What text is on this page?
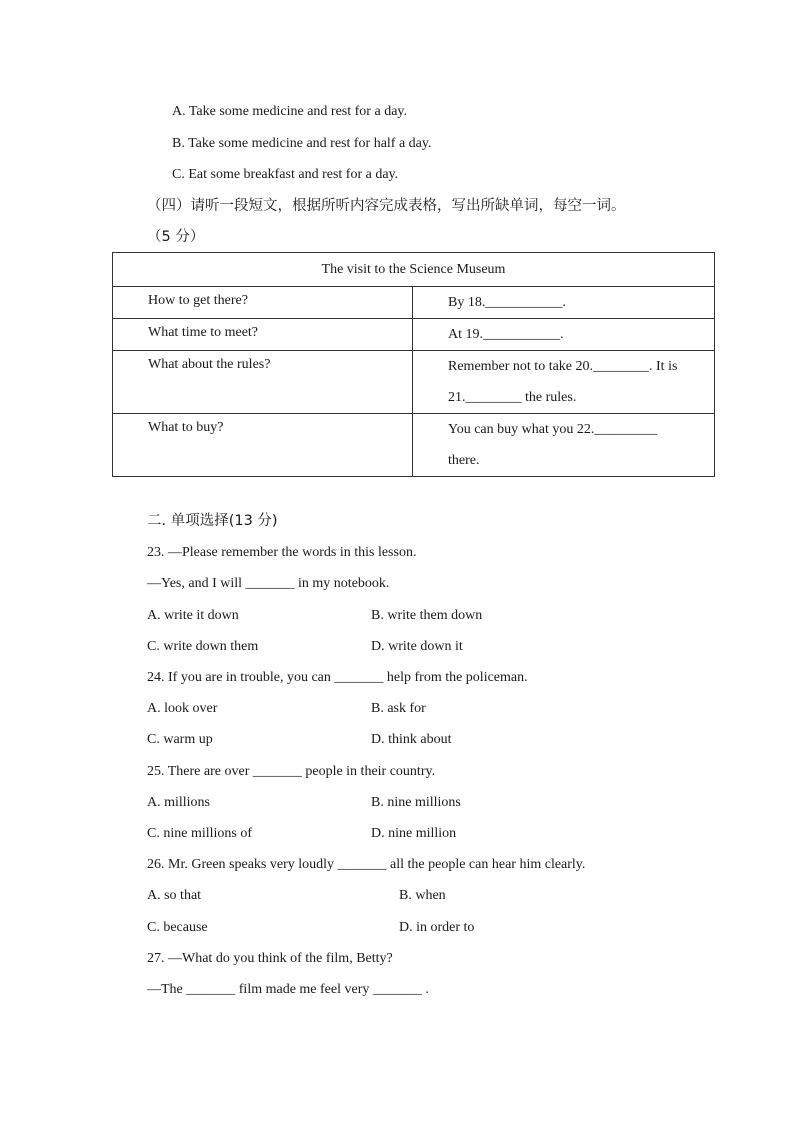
A. Take some medicine and rest for a day.
B. Take some medicine and rest for half a day.
C. Eat some breakfast and rest for a day.
（四）请听一段短文，根据所听内容完成表格，写出所缺单词，每空一词。
（5 分）
The visit to the Science Museum	
How to get there?	By 18.___________.
What time to meet?	At 19.___________.
What about the rules?	Remember not to take 20.________. It is
21.________ the rules.

What to buy?	You can buy what you 22._________
there.
二. 单项选择(13 分)
23. —Please remember the words in this lesson.
—Yes, and I will _______ in my notebook.
A. write it down	B. write them down
C. write down them	D. write down it
24. If you are in trouble, you can _______ help from the policeman.
A. look over	B. ask for
C. warm up	D. think about
25. There are over _______ people in their country.
A. millions	B. nine millions
C. nine millions of	D. nine million
26. Mr. Green speaks very loudly _______ all the people can hear him clearly.
A. so that	B. when
C. because	D. in order to
27. —What do you think of the film, Betty?
—The _______ film made me feel very _______ .
